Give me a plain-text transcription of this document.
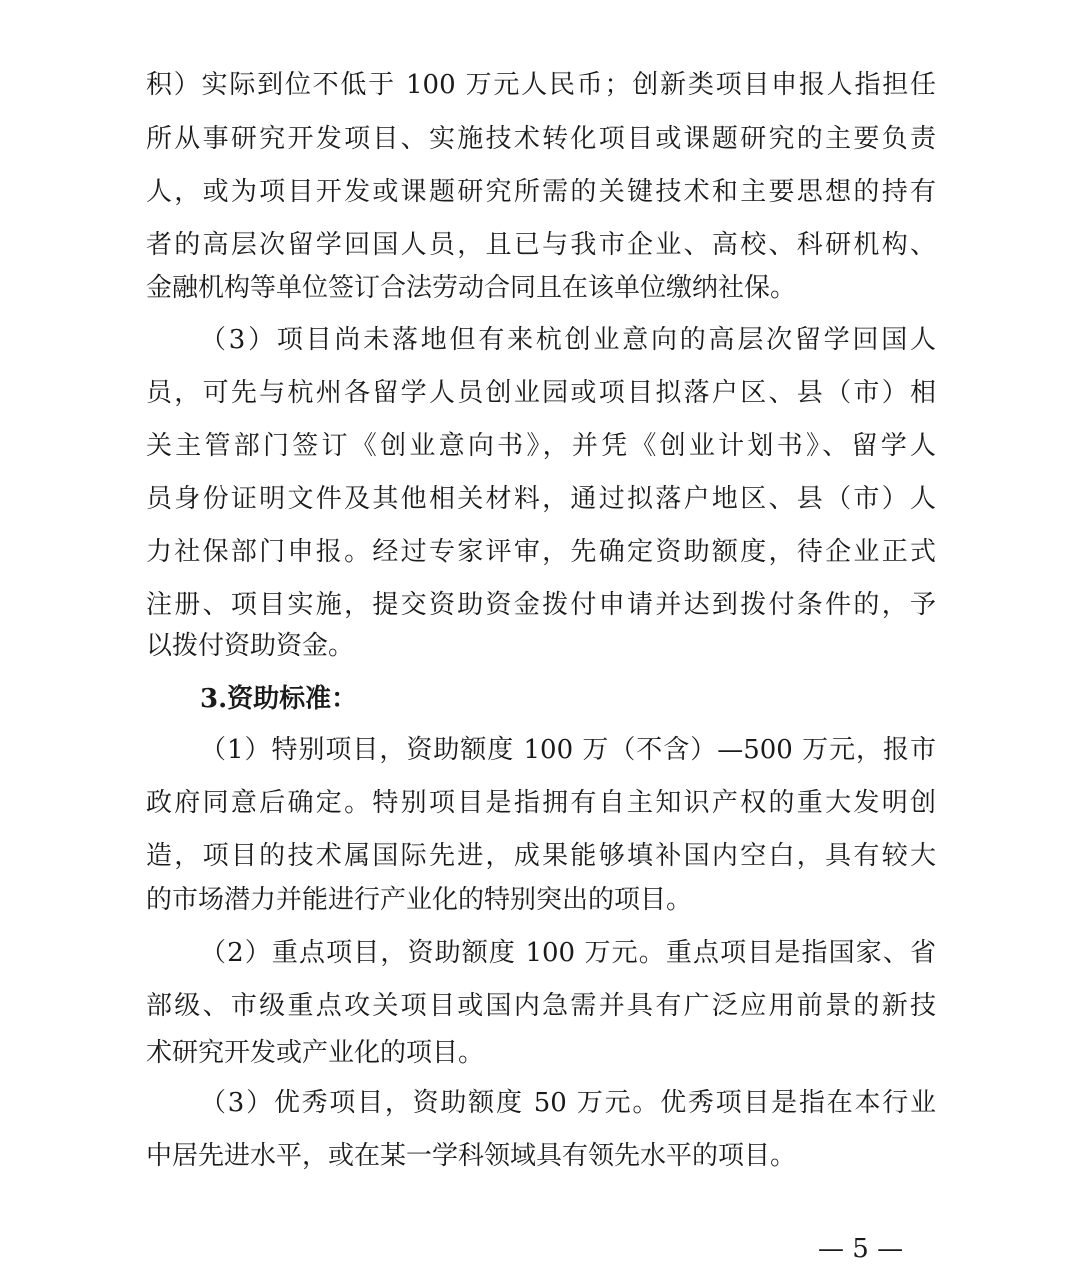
积）实际到位不低于 100 万元人民币；创新类项目申报人指担任
所从事研究开发项目、实施技术转化项目或课题研究的主要负责
人，或为项目开发或课题研究所需的关键技术和主要思想的持有
者的高层次留学回国人员，且已与我市企业、高校、科研机构、
金融机构等单位签订合法劳动合同且在该单位缴纳社保。
（3）项目尚未落地但有来杭创业意向的高层次留学回国人
员，可先与杭州各留学人员创业园或项目拟落户区、县（市）相
关主管部门签订《创业意向书》，并凭《创业计划书》、留学人
员身份证明文件及其他相关材料，通过拟落户地区、县（市）人
力社保部门申报。经过专家评审，先确定资助额度，待企业正式
注册、项目实施，提交资助资金拨付申请并达到拨付条件的，予
以拨付资助资金。
3.资助标准：
（1）特别项目，资助额度 100 万（不含）—500 万元，报市
政府同意后确定。特别项目是指拥有自主知识产权的重大发明创
造，项目的技术属国际先进，成果能够填补国内空白，具有较大
的市场潜力并能进行产业化的特别突出的项目。
（2）重点项目，资助额度 100 万元。重点项目是指国家、省
部级、市级重点攻关项目或国内急需并具有广泛应用前景的新技
术研究开发或产业化的项目。
（3）优秀项目，资助额度 50 万元。优秀项目是指在本行业
中居先进水平，或在某一学科领域具有领先水平的项目。
— 5 —
